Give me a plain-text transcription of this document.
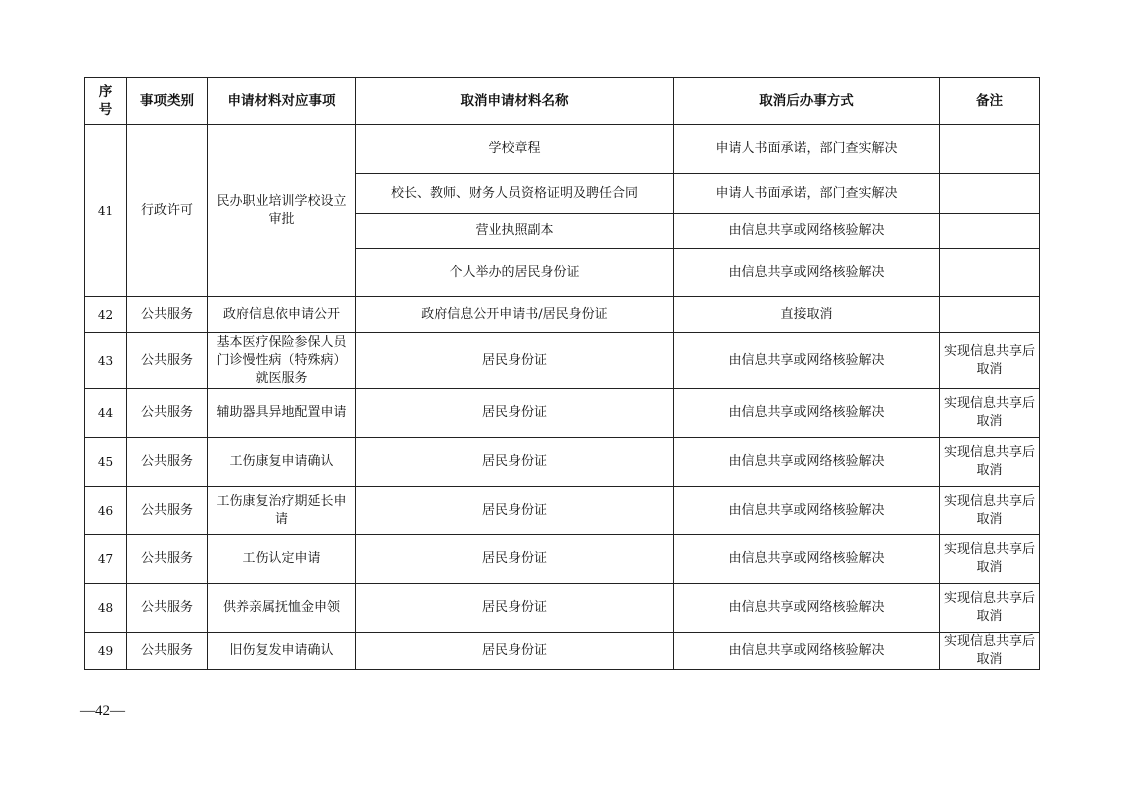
序号	事项类别	申请材料对应事项	取消申请材料名称	取消后办事方式	备注
41	行政许可	民办职业培训学校设立审批	学校章程	申请人书面承诺，部门查实解决	
			校长、教师、财务人员资格证明及聘任合同	申请人书面承诺，部门查实解决	
			营业执照副本	由信息共享或网络核验解决	
			个人举办的居民身份证	由信息共享或网络核验解决	
42	公共服务	政府信息依申请公开	政府信息公开申请书/居民身份证	直接取消	
43	公共服务	基本医疗保险参保人员门诊慢性病（特殊病）就医服务	居民身份证	由信息共享或网络核验解决	实现信息共享后取消
44	公共服务	辅助器具异地配置申请	居民身份证	由信息共享或网络核验解决	实现信息共享后取消
45	公共服务	工伤康复申请确认	居民身份证	由信息共享或网络核验解决	实现信息共享后取消
46	公共服务	工伤康复治疗期延长申请	居民身份证	由信息共享或网络核验解决	实现信息共享后取消
47	公共服务	工伤认定申请	居民身份证	由信息共享或网络核验解决	实现信息共享后取消
48	公共服务	供养亲属抚恤金申领	居民身份证	由信息共享或网络核验解决	实现信息共享后取消
49	公共服务	旧伤复发申请确认	居民身份证	由信息共享或网络核验解决	实现信息共享后取消
—42—
